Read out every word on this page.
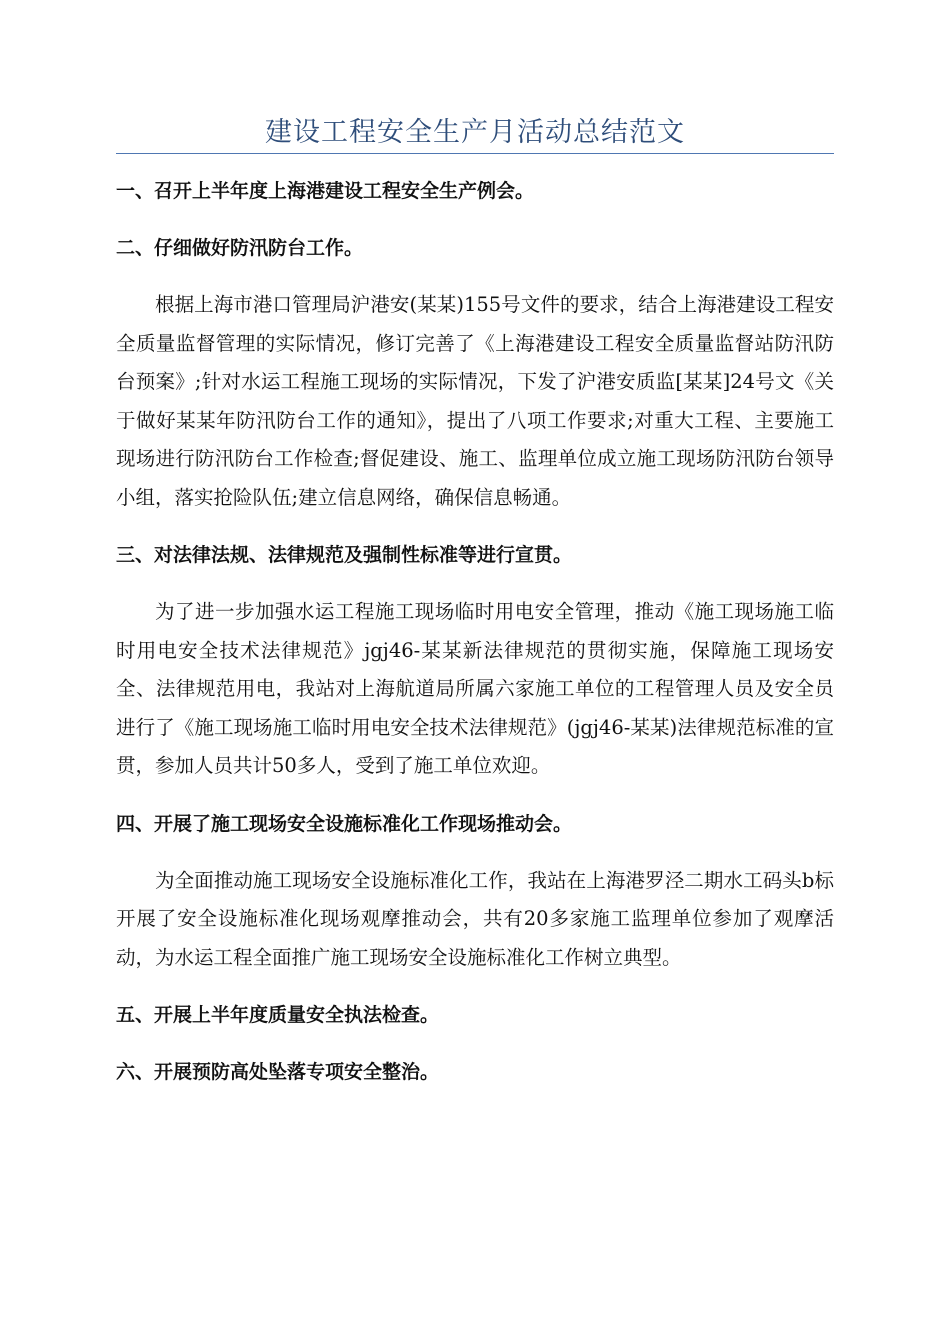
建设工程安全生产月活动总结范文
一、召开上半年度上海港建设工程安全生产例会。
二、仔细做好防汛防台工作。
根据上海市港口管理局沪港安(某某)155号文件的要求，结合上海港建设工程安全质量监督管理的实际情况，修订完善了《上海港建设工程安全质量监督站防汛防台预案》;针对水运工程施工现场的实际情况，下发了沪港安质监[某某]24号文《关于做好某某年防汛防台工作的通知》，提出了八项工作要求;对重大工程、主要施工现场进行防汛防台工作检查;督促建设、施工、监理单位成立施工现场防汛防台领导小组，落实抢险队伍;建立信息网络，确保信息畅通。
三、对法律法规、法律规范及强制性标准等进行宣贯。
为了进一步加强水运工程施工现场临时用电安全管理，推动《施工现场施工临时用电安全技术法律规范》jgj46-某某新法律规范的贯彻实施，保障施工现场安全、法律规范用电，我站对上海航道局所属六家施工单位的工程管理人员及安全员进行了《施工现场施工临时用电安全技术法律规范》(jgj46-某某)法律规范标准的宣贯，参加人员共计50多人，受到了施工单位欢迎。
四、开展了施工现场安全设施标准化工作现场推动会。
为全面推动施工现场安全设施标准化工作，我站在上海港罗泾二期水工码头b标开展了安全设施标准化现场观摩推动会，共有20多家施工监理单位参加了观摩活动，为水运工程全面推广施工现场安全设施标准化工作树立典型。
五、开展上半年度质量安全执法检查。
六、开展预防高处坠落专项安全整治。
